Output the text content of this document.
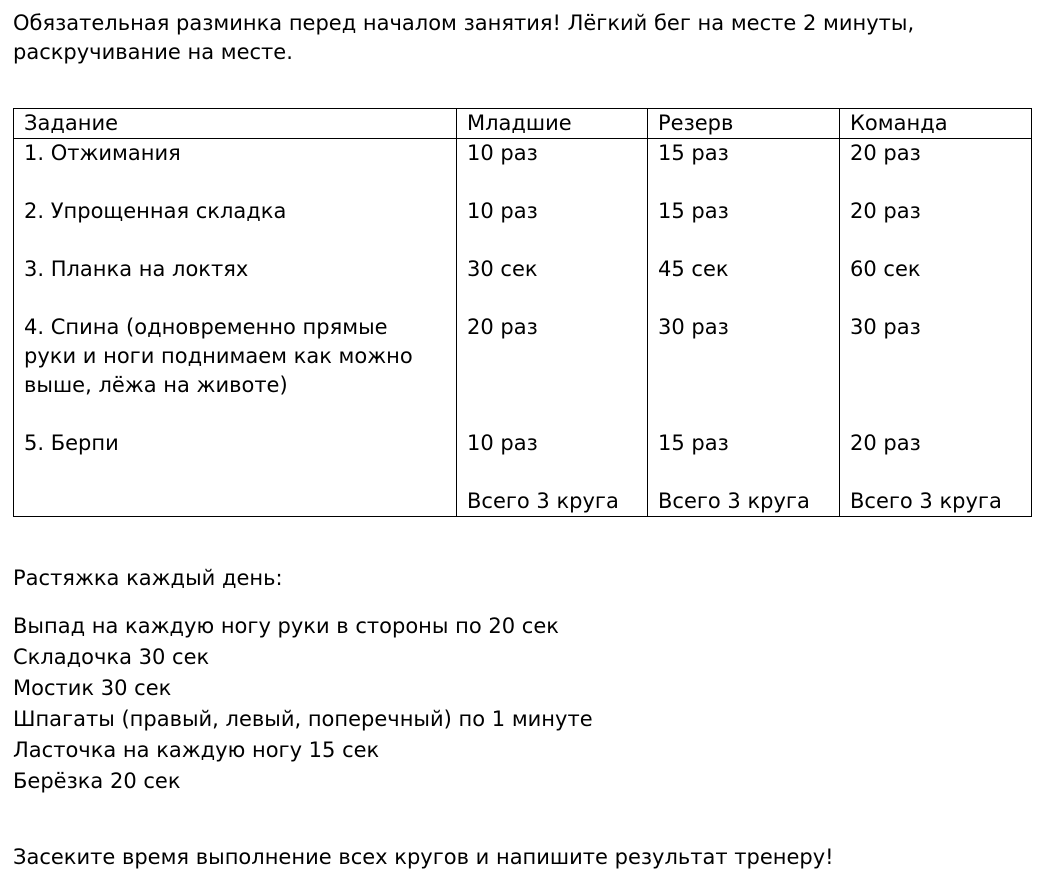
Обязательная разминка перед началом занятия! Лёгкий бег на месте 2 минуты,
раскручивание на месте.

Задание	Младшие	Резерв	Команда
1. Отжимания	10 раз	15 раз	20 раз

2. Упрощенная складка	10 раз	15 раз	20 раз

3. Планка на локтях	30 сек	45 сек	60 сек

4. Спина (одновременно прямые
руки и ноги поднимаем как можно
выше, лёжа на животе)	20 раз	30 раз	30 раз

5. Берпи	10 раз	15 раз	20 раз

	Всего 3 круга	Всего 3 круга	Всего 3 круга

Растяжка каждый день:

Выпад на каждую ногу руки в стороны по 20 сек
Складочка 30 сек
Мостик 30 сек
Шпагаты (правый, левый, поперечный) по 1 минуте
Ласточка на каждую ногу 15 сек
Берёзка 20 сек

Засеките время выполнение всех кругов и напишите результат тренеру!
